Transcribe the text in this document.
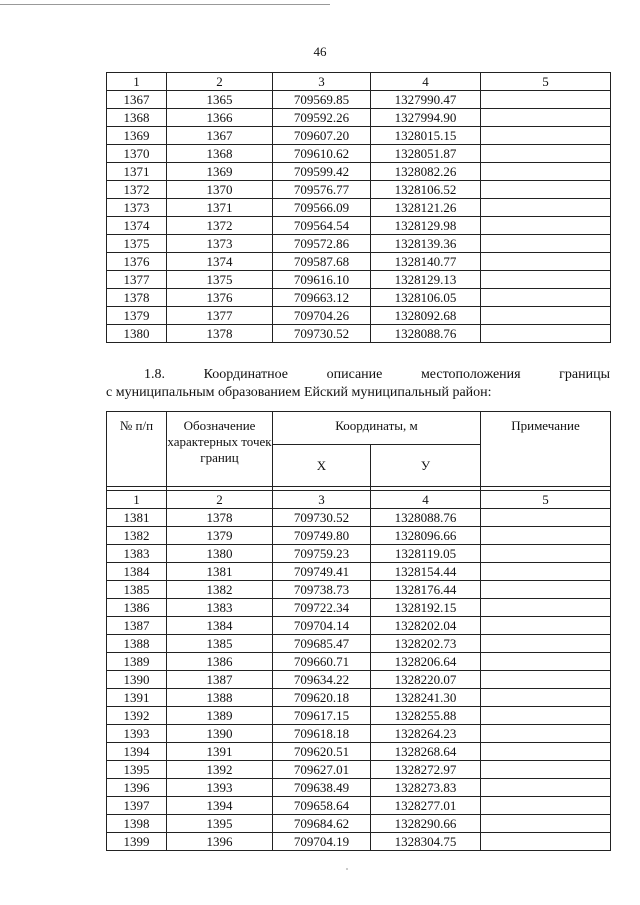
46
1	2	3	4	5
1367	1365	709569.85	1327990.47	
1368	1366	709592.26	1327994.90	
1369	1367	709607.20	1328015.15	
1370	1368	709610.62	1328051.87	
1371	1369	709599.42	1328082.26	
1372	1370	709576.77	1328106.52	
1373	1371	709566.09	1328121.26	
1374	1372	709564.54	1328129.98	
1375	1373	709572.86	1328139.36	
1376	1374	709587.68	1328140.77	
1377	1375	709616.10	1328129.13	
1378	1376	709663.12	1328106.05	
1379	1377	709704.26	1328092.68	
1380	1378	709730.52	1328088.76	
1.8.	Координатное	описание	местоположения	границы
с муниципальным образованием Ейский муниципальный район:
№ п/п	Обозначение характерных точек границ	Координаты, м		Примечание
		Х	У	

1	2	3	4	5
1381	1378	709730.52	1328088.76	
1382	1379	709749.80	1328096.66	
1383	1380	709759.23	1328119.05	
1384	1381	709749.41	1328154.44	
1385	1382	709738.73	1328176.44	
1386	1383	709722.34	1328192.15	
1387	1384	709704.14	1328202.04	
1388	1385	709685.47	1328202.73	
1389	1386	709660.71	1328206.64	
1390	1387	709634.22	1328220.07	
1391	1388	709620.18	1328241.30	
1392	1389	709617.15	1328255.88	
1393	1390	709618.18	1328264.23	
1394	1391	709620.51	1328268.64	
1395	1392	709627.01	1328272.97	
1396	1393	709638.49	1328273.83	
1397	1394	709658.64	1328277.01	
1398	1395	709684.62	1328290.66	
1399	1396	709704.19	1328304.75	
